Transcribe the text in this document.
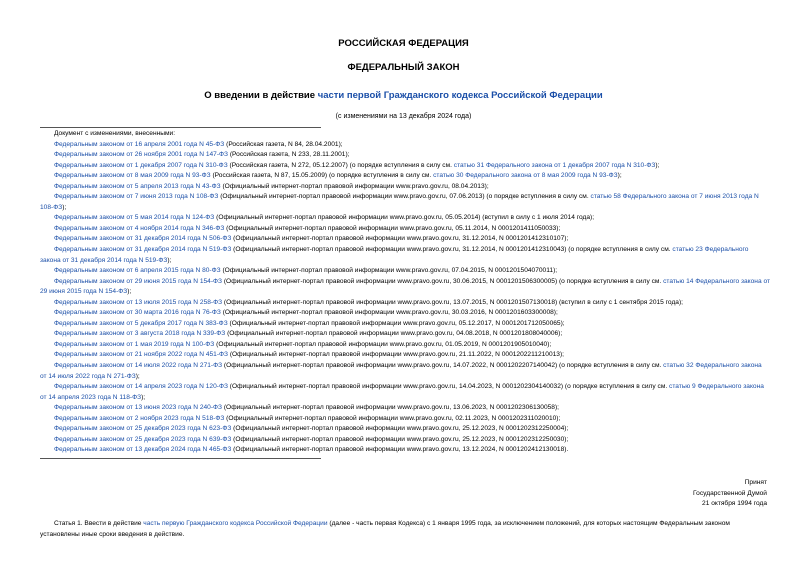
РОССИЙСКАЯ ФЕДЕРАЦИЯ
ФЕДЕРАЛЬНЫЙ ЗАКОН
О введении в действие части первой Гражданского кодекса Российской Федерации
(с изменениями на 13 декабря 2024 года)
Документ с изменениями, внесенными:
Федеральным законом от 16 апреля 2001 года N 45-ФЗ (Российская газета, N 84, 28.04.2001);
Федеральным законом от 26 ноября 2001 года N 147-ФЗ (Российская газета, N 233, 28.11.2001);
Федеральным законом от 1 декабря 2007 года N 310-ФЗ (Российская газета, N 272, 05.12.2007) (о порядке вступления в силу см. статью 31 Федерального закона от 1 декабря 2007 года N 310-ФЗ);
Федеральным законом от 8 мая 2009 года N 93-ФЗ (Российская газета, N 87, 15.05.2009) (о порядке вступления в силу см. статью 30 Федерального закона от 8 мая 2009 года N 93-ФЗ);
Федеральным законом от 5 апреля 2013 года N 43-ФЗ (Официальный интернет-портал правовой информации www.pravo.gov.ru, 08.04.2013);
Федеральным законом от 7 июня 2013 года N 108-ФЗ (Официальный интернет-портал правовой информации www.pravo.gov.ru, 07.06.2013) (о порядке вступления в силу см. статью 58 Федерального закона от 7 июня 2013 года N 108-ФЗ);
Федеральным законом от 5 мая 2014 года N 124-ФЗ (Официальный интернет-портал правовой информации www.pravo.gov.ru, 05.05.2014) (вступил в силу с 1 июля 2014 года);
Федеральным законом от 4 ноября 2014 года N 346-ФЗ (Официальный интернет-портал правовой информации www.pravo.gov.ru, 05.11.2014, N 0001201411050033);
Федеральным законом от 31 декабря 2014 года N 506-ФЗ (Официальный интернет-портал правовой информации www.pravo.gov.ru, 31.12.2014, N 0001201412310107);
Федеральным законом от 31 декабря 2014 года N 519-ФЗ (Официальный интернет-портал правовой информации www.pravo.gov.ru, 31.12.2014, N 0001201412310043) (о порядке вступления в силу см. статью 23 Федерального закона от 31 декабря 2014 года N 519-ФЗ);
Федеральным законом от 6 апреля 2015 года N 80-ФЗ (Официальный интернет-портал правовой информации www.pravo.gov.ru, 07.04.2015, N 0001201504070011);
Федеральным законом от 29 июня 2015 года N 154-ФЗ (Официальный интернет-портал правовой информации www.pravo.gov.ru, 30.06.2015, N 0001201506300005) (о порядке вступления в силу см. статью 14 Федерального закона от 29 июня 2015 года N 154-ФЗ);
Федеральным законом от 13 июля 2015 года N 258-ФЗ (Официальный интернет-портал правовой информации www.pravo.gov.ru, 13.07.2015, N 0001201507130018) (вступил в силу с 1 сентября 2015 года);
Федеральным законом от 30 марта 2016 года N 76-ФЗ (Официальный интернет-портал правовой информации www.pravo.gov.ru, 30.03.2016, N 0001201603300008);
Федеральным законом от 5 декабря 2017 года N 383-ФЗ (Официальный интернет-портал правовой информации www.pravo.gov.ru, 05.12.2017, N 0001201712050065);
Федеральным законом от 3 августа 2018 года N 339-ФЗ (Официальный интернет-портал правовой информации www.pravo.gov.ru, 04.08.2018, N 0001201808040006);
Федеральным законом от 1 мая 2019 года N 100-ФЗ (Официальный интернет-портал правовой информации www.pravo.gov.ru, 01.05.2019, N 0001201905010040);
Федеральным законом от 21 ноября 2022 года N 451-ФЗ (Официальный интернет-портал правовой информации www.pravo.gov.ru, 21.11.2022, N 0001202211210013);
Федеральным законом от 14 июля 2022 года N 271-ФЗ (Официальный интернет-портал правовой информации www.pravo.gov.ru, 14.07.2022, N 0001202207140042) (о порядке вступления в силу см. статью 32 Федерального закона от 14 июля 2022 года N 271-ФЗ);
Федеральным законом от 14 апреля 2023 года N 120-ФЗ (Официальный интернет-портал правовой информации www.pravo.gov.ru, 14.04.2023, N 0001202304140032) (о порядке вступления в силу см. статью 9 Федерального закона от 14 апреля 2023 года N 118-ФЗ);
Федеральным законом от 13 июня 2023 года N 240-ФЗ (Официальный интернет-портал правовой информации www.pravo.gov.ru, 13.06.2023, N 0001202306130058);
Федеральным законом от 2 ноября 2023 года N 518-ФЗ (Официальный интернет-портал правовой информации www.pravo.gov.ru, 02.11.2023, N 0001202311020010);
Федеральным законом от 25 декабря 2023 года N 623-ФЗ (Официальный интернет-портал правовой информации www.pravo.gov.ru, 25.12.2023, N 0001202312250004);
Федеральным законом от 25 декабря 2023 года N 639-ФЗ (Официальный интернет-портал правовой информации www.pravo.gov.ru, 25.12.2023, N 0001202312250030);
Федеральным законом от 13 декабря 2024 года N 465-ФЗ (Официальный интернет-портал правовой информации www.pravo.gov.ru, 13.12.2024, N 0001202412130018).
Принят
Государственной Думой
21 октября 1994 года
Статья 1. Ввести в действие часть первую Гражданского кодекса Российской Федерации (далее - часть первая Кодекса) с 1 января 1995 года, за исключением положений, для которых настоящим Федеральным законом установлены иные сроки введения в действие.
